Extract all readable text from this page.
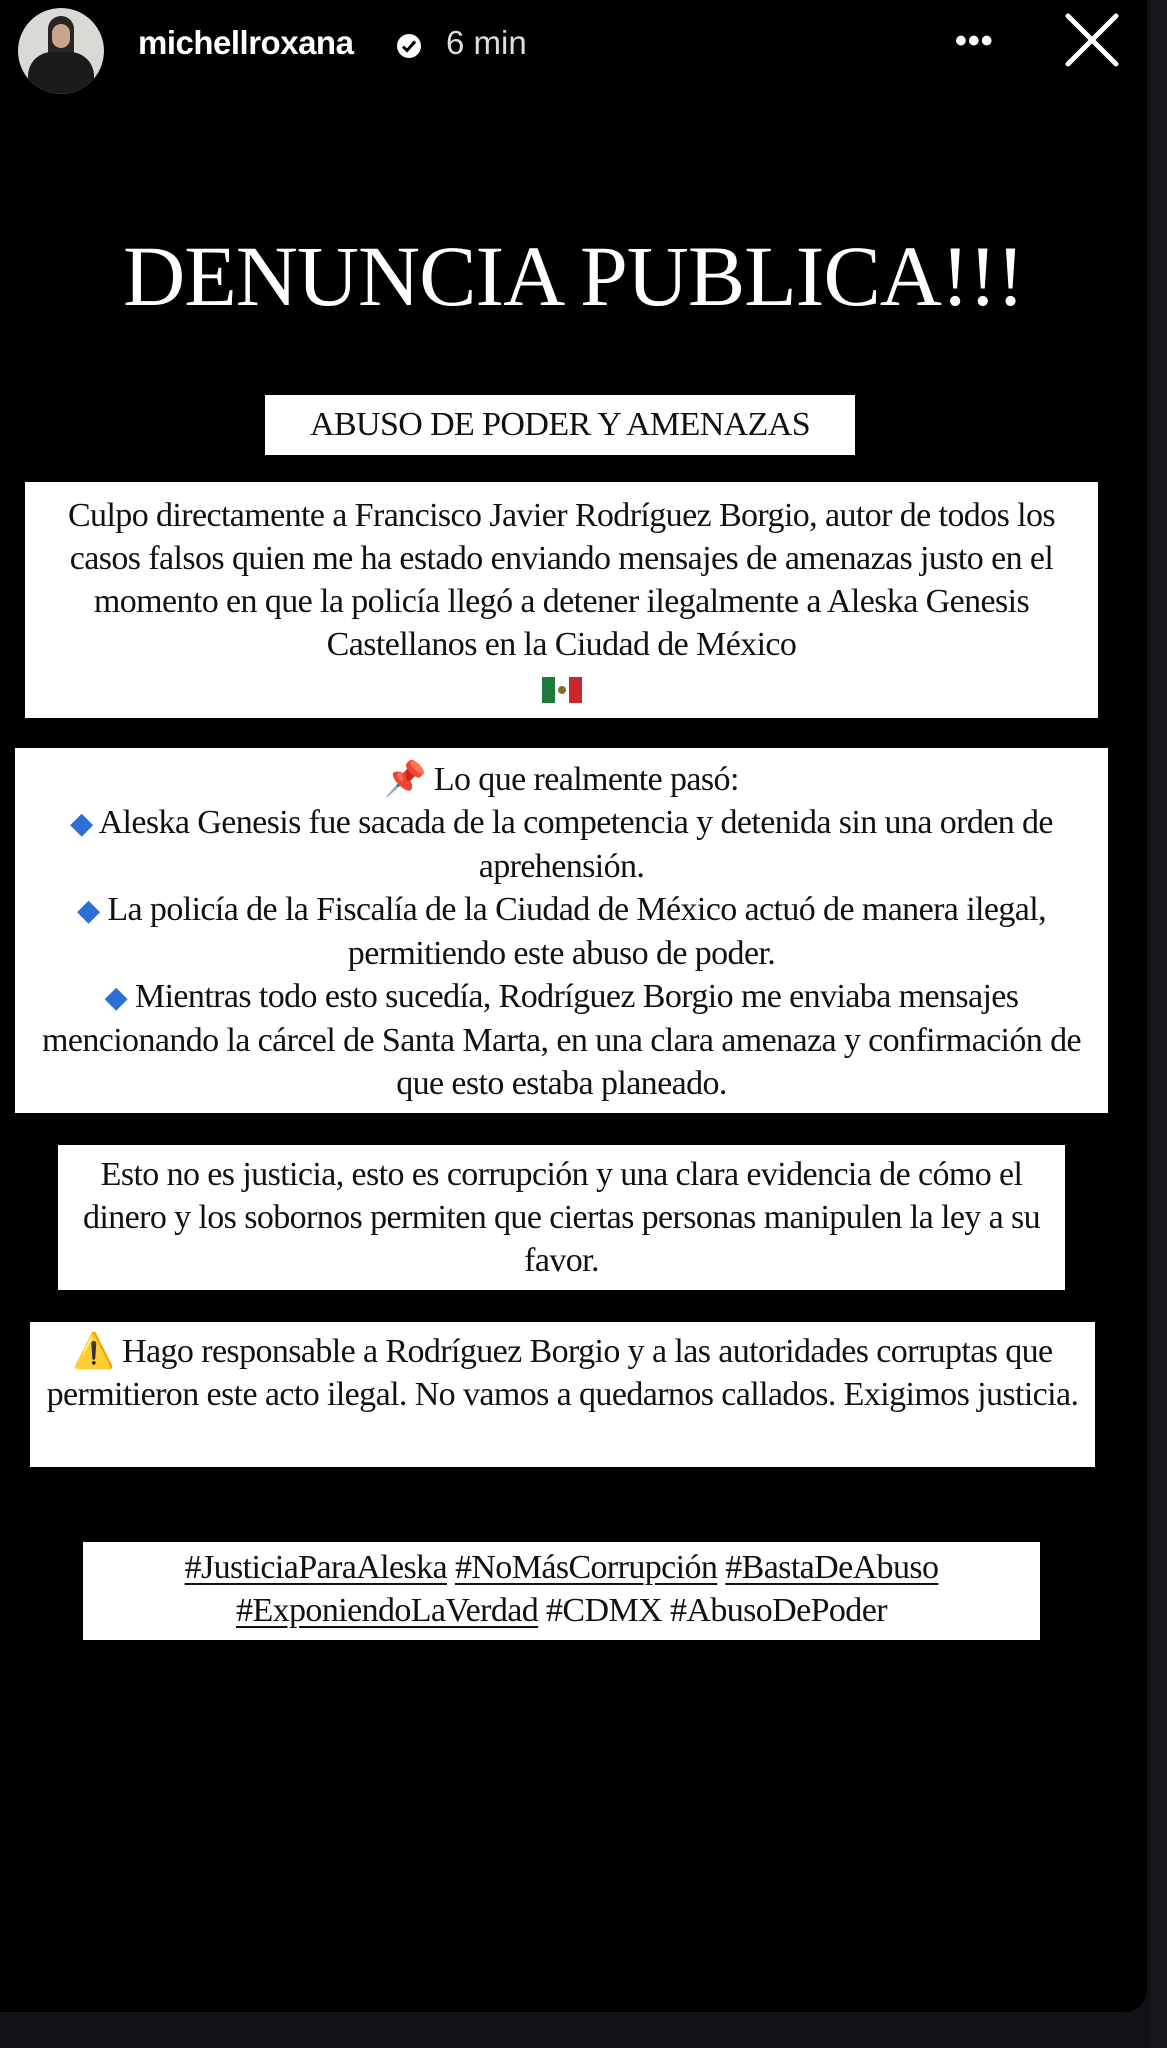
michellroxana	6 min	•••
DENUNCIA PUBLICA!!!
ABUSO DE PODER Y AMENAZAS

Culpo directamente a Francisco Javier Rodríguez Borgio, autor de todos los casos falsos quien me ha estado enviando mensajes de amenazas justo en el momento en que la policía llegó a detener ilegalmente a Aleska Genesis Castellanos en la Ciudad de México

📌 Lo que realmente pasó:

◆ Aleska Genesis fue sacada de la competencia y detenida sin una orden de aprehensión.

◆ La policía de la Fiscalía de la Ciudad de México actuó de manera ilegal, permitiendo este abuso de poder.

◆ Mientras todo esto sucedía, Rodríguez Borgio me enviaba mensajes mencionando la cárcel de Santa Marta, en una clara amenaza y confirmación de que esto estaba planeado.

Esto no es justicia, esto es corrupción y una clara evidencia de cómo el dinero y los sobornos permiten que ciertas personas manipulen la ley a su favor.

⚠️ Hago responsable a Rodríguez Borgio y a las autoridades corruptas que permitieron este acto ilegal. No vamos a quedarnos callados. Exigimos justicia.

#JusticiaParaAleska #NoMásCorrupción #BastaDeAbuso #ExponiendoLaVerdad #CDMX #AbusoDePoder
